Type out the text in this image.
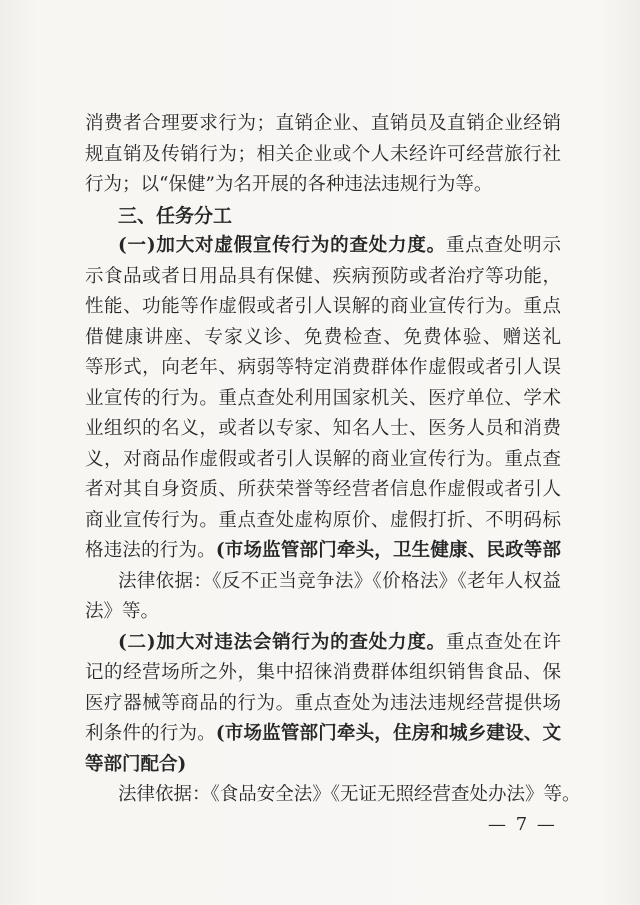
消费者合理要求行为；直销企业、直销员及直销企业经销
规直销及传销行为；相关企业或个人未经许可经营旅行社
行为；以“保健”为名开展的各种违法违规行为等。
三、任务分工
(一)加大对虚假宣传行为的查处力度。重点查处明示
示食品或者日用品具有保健、疾病预防或者治疗等功能，
性能、功能等作虚假或者引人误解的商业宣传行为。重点
借健康讲座、专家义诊、免费检查、免费体验、赠送礼
等形式，向老年、病弱等特定消费群体作虚假或者引人误
业宣传的行为。重点查处利用国家机关、医疗单位、学术
业组织的名义，或者以专家、知名人士、医务人员和消费
义，对商品作虚假或者引人误解的商业宣传行为。重点查
者对其自身资质、所获荣誉等经营者信息作虚假或者引人
商业宣传行为。重点查处虚构原价、虚假打折、不明码标
格违法的行为。(市场监管部门牵头，卫生健康、民政等部
法律依据：《反不正当竞争法》《价格法》《老年人权益
法》等。
(二)加大对违法会销行为的查处力度。重点查处在许
记的经营场所之外，集中招徕消费群体组织销售食品、保
医疗器械等商品的行为。重点查处为违法违规经营提供场
利条件的行为。(市场监管部门牵头，住房和城乡建设、文
等部门配合)
法律依据：《食品安全法》《无证无照经营查处办法》等。
— 7 —
